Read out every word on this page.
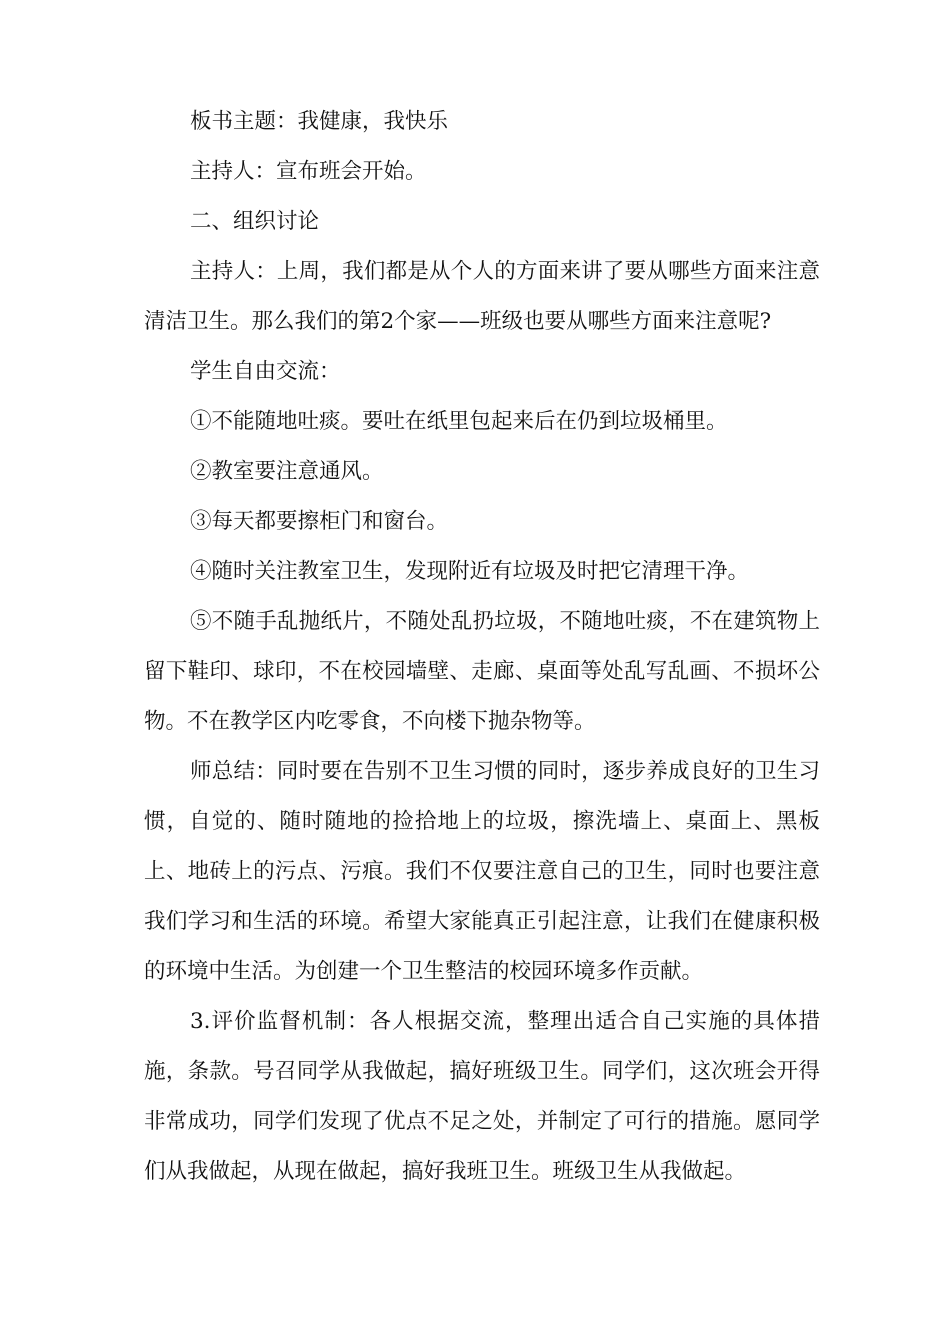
板书主题：我健康，我快乐

主持人：宣布班会开始。

二、组织讨论

主持人：上周，我们都是从个人的方面来讲了要从哪些方面来注意清洁卫生。那么我们的第2个家——班级也要从哪些方面来注意呢?

学生自由交流：

①不能随地吐痰。要吐在纸里包起来后在仍到垃圾桶里。

②教室要注意通风。

③每天都要擦柜门和窗台。

④随时关注教室卫生，发现附近有垃圾及时把它清理干净。

⑤不随手乱抛纸片，不随处乱扔垃圾，不随地吐痰，不在建筑物上留下鞋印、球印，不在校园墙壁、走廊、桌面等处乱写乱画、不损坏公物。不在教学区内吃零食，不向楼下抛杂物等。

师总结：同时要在告别不卫生习惯的同时，逐步养成良好的卫生习惯，自觉的、随时随地的捡拾地上的垃圾，擦洗墙上、桌面上、黑板上、地砖上的污点、污痕。我们不仅要注意自己的卫生，同时也要注意我们学习和生活的环境。希望大家能真正引起注意，让我们在健康积极的环境中生活。为创建一个卫生整洁的校园环境多作贡献。

3.评价监督机制：各人根据交流，整理出适合自己实施的具体措施，条款。号召同学从我做起，搞好班级卫生。同学们，这次班会开得非常成功，同学们发现了优点不足之处，并制定了可行的措施。愿同学们从我做起，从现在做起，搞好我班卫生。班级卫生从我做起。
